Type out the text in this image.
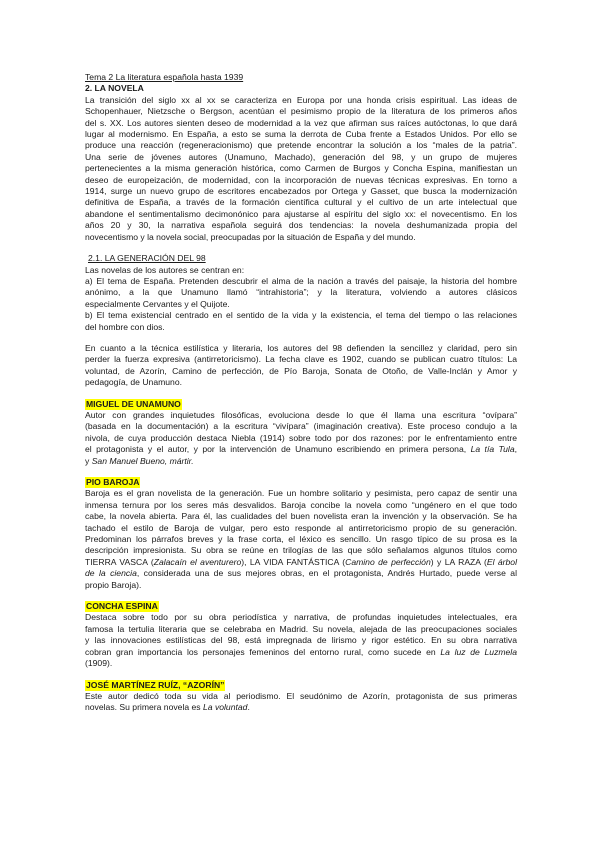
Tema 2 La literatura española hasta 1939
2. LA NOVELA
La transición del siglo xx al xx se caracteriza en Europa por una honda crisis espiritual. Las ideas de
Schopenhauer, Nietzsche o Bergson, acentúan el pesimismo propio de la literatura de los primeros años
del s. XX. Los autores sienten deseo de modernidad a la vez que afirman sus raíces autóctonas, lo que dará
lugar al modernismo. En España, a esto se suma la derrota de Cuba frente a Estados Unidos. Por ello se
produce una reacción (regeneracionismo) que pretende encontrar la solución a los “males de la patria”.
Una serie de jóvenes autores (Unamuno, Machado), generación del 98, y un grupo de mujeres
pertenecientes a la misma generación histórica, como Carmen de Burgos y Concha Espina, manifiestan un
deseo de europeización, de modernidad, con la incorporación de nuevas técnicas expresivas. En torno a
1914, surge un nuevo grupo de escritores encabezados por Ortega y Gasset, que busca la modernización
definitiva de España, a través de la formación científica cultural y el cultivo de un arte intelectual que
abandone el sentimentalismo decimonónico para ajustarse al espíritu del siglo xx: el novecentismo. En los
años 20 y 30, la narrativa española seguirá dos tendencias: la novela deshumanizada propia del
novecentismo y la novela social, preocupadas por la situación de España y del mundo.
2.1. LA GENERACIÓN DEL 98
Las novelas de los autores se centran en:
a) El tema de España. Pretenden descubrir el alma de la nación a través del paisaje, la historia del hombre
anónimo, a la que Unamuno llamó “intrahistoria”; y la literatura, volviendo a autores clásicos
especialmente Cervantes y el Quijote.
b) El tema existencial centrado en el sentido de la vida y la existencia, el tema del tiempo o las relaciones
del hombre con dios.
En cuanto a la técnica estilística y literaria, los autores del 98 defienden la sencillez y claridad, pero sin
perder la fuerza expresiva (antirretoricismo). La fecha clave es 1902, cuando se publican cuatro títulos: La
voluntad, de Azorín, Camino de perfección, de Pío Baroja, Sonata de Otoño, de Valle-Inclán y Amor y
pedagogía, de Unamuno.
MIGUEL DE UNAMUNO
Autor con grandes inquietudes filosóficas, evoluciona desde lo que él llama una escritura “ovípara”
(basada en la documentación) a la escritura “vivípara” (imaginación creativa). Este proceso condujo a la
nivola, de cuya producción destaca Niebla (1914) sobre todo por dos razones: por le enfrentamiento entre
el protagonista y el autor, y por la intervención de Unamuno escribiendo en primera persona, La tía Tula,
y San Manuel Bueno, mártir.
PIO BAROJA
Baroja es el gran novelista de la generación. Fue un hombre solitario y pesimista, pero capaz de sentir una
inmensa ternura por los seres más desvalidos. Baroja concibe la novela como “ungénero en el que todo
cabe, la novela abierta. Para él, las cualidades del buen novelista eran la invención y la observación. Se ha
tachado el estilo de Baroja de vulgar, pero esto responde al antirretoricismo propio de su generación.
Predominan los párrafos breves y la frase corta, el léxico es sencillo. Un rasgo típico de su prosa es la
descripción impresionista. Su obra se reúne en trilogías de las que sólo señalamos algunos títulos como
TIERRA VASCA (Zalacaín el aventurero), LA VIDA FANTÁSTICA (Camino de perfección) y LA RAZA (El árbol
de la ciencia, considerada una de sus mejores obras, en el protagonista, Andrés Hurtado, puede verse al
propio Baroja).
CONCHA ESPINA
Destaca sobre todo por su obra periodística y narrativa, de profundas inquietudes intelectuales, era
famosa la tertulia literaria que se celebraba en Madrid. Su novela, alejada de las preocupaciones sociales
y las innovaciones estilísticas del 98, está impregnada de lirismo y rigor estético. En su obra narrativa
cobran gran importancia los personajes femeninos del entorno rural, como sucede en La luz de Luzmela
(1909).
JOSÉ MARTÍNEZ RUÍZ, “AZORÍN”
Este autor dedicó toda su vida al periodismo. El seudónimo de Azorín, protagonista de sus primeras
novelas. Su primera novela es La voluntad.
